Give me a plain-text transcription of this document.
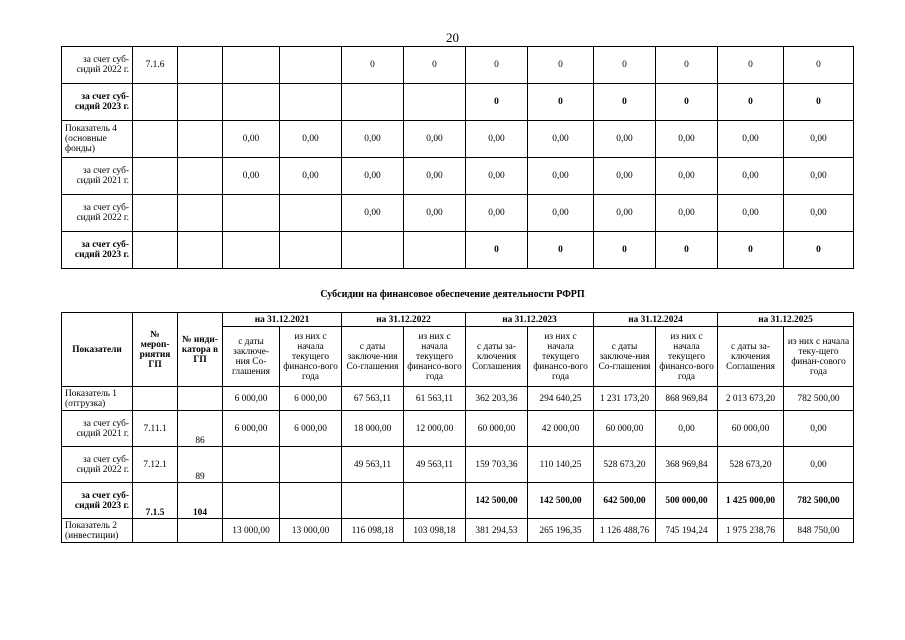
20
за счет суб-сидий 2022 г.	7.1.6				0	0	0	0	0	0	0	0
за счет суб-сидий 2023 г.							0	0	0	0	0	0
Показатель 4 (основные фонды)			0,00	0,00	0,00	0,00	0,00	0,00	0,00	0,00	0,00	0,00
за счет суб-сидий 2021 г.			0,00	0,00	0,00	0,00	0,00	0,00	0,00	0,00	0,00	0,00
за счет суб-сидий 2022 г.					0,00	0,00	0,00	0,00	0,00	0,00	0,00	0,00
за счет суб-сидий 2023 г.							0	0	0	0	0	0
Субсидии на финансовое обеспечение деятельности РФРП
Показатели	№ мероп-риятия ГП	№ инди-катора в ГП	на 31.12.2021		на 31.12.2022		на 31.12.2023		на 31.12.2024		на 31.12.2025	
			с даты заключе-ния Со-глашения	из них с начала текущего финансо-вого года	с даты заключе-ния Со-глашения	из них с начала текущего финансо-вого года	с даты за-ключения Соглашения	из них с начала текущего финансо-вого года	с даты заключе-ния Со-глашения	из них с начала текущего финансо-вого года	с даты за-ключения Соглашения	из них с начала теку-щего финан-сового года
Показатель 1 (отгрузка)			6 000,00	6 000,00	67 563,11	61 563,11	362 203,36	294 640,25	1 231 173,20	868 969,84	2 013 673,20	782 500,00
за счет суб-сидий 2021 г.	7.11.1	86	6 000,00	6 000,00	18 000,00	12 000,00	60 000,00	42 000,00	60 000,00	0,00	60 000,00	0,00
за счет суб-сидий 2022 г.	7.12.1	89			49 563,11	49 563,11	159 703,36	110 140,25	528 673,20	368 969,84	528 673,20	0,00
за счет суб-сидий 2023 г.	7.1.5	104					142 500,00	142 500,00	642 500,00	500 000,00	1 425 000,00	782 500,00
Показатель 2 (инвестиции)			13 000,00	13 000,00	116 098,18	103 098,18	381 294,53	265 196,35	1 126 488,76	745 194,24	1 975 238,76	848 750,00
